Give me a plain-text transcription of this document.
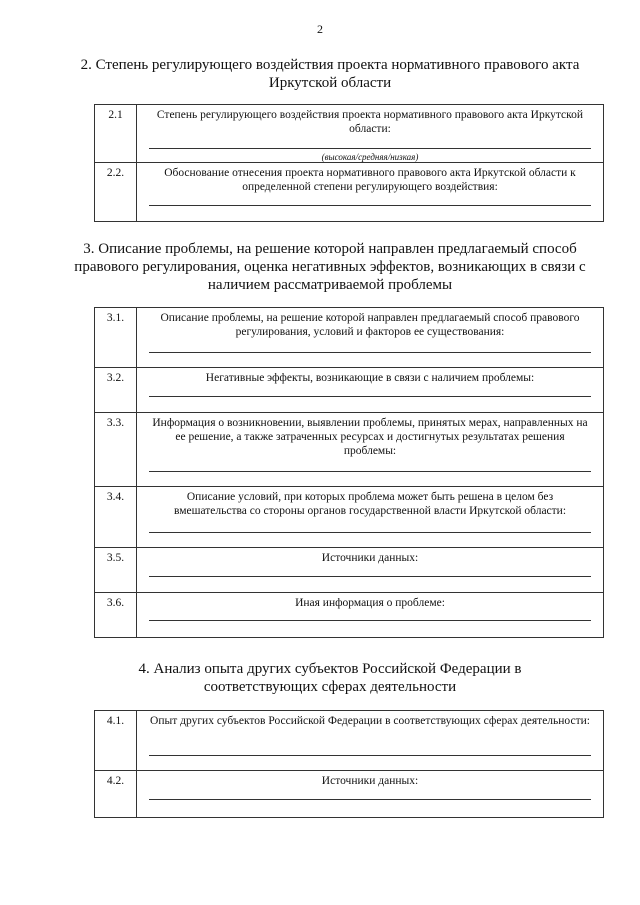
2
2. Степень регулирующего воздействия проекта нормативного правового акта Иркутской области
2.1	Степень регулирующего воздействия проекта нормативного правового акта Иркутской области:
(высокая/средняя/низкая)
2.2.	Обоснование отнесения проекта нормативного правового акта Иркутской области к определенной степени регулирующего воздействия:
3. Описание проблемы, на решение которой направлен предлагаемый способ правового регулирования, оценка негативных эффектов, возникающих в связи с наличием рассматриваемой проблемы
3.1.	Описание проблемы, на решение которой направлен предлагаемый способ правового регулирования, условий и факторов ее существования:
3.2.	Негативные эффекты, возникающие в связи с наличием проблемы:
3.3.	Информация о возникновении, выявлении проблемы, принятых мерах, направленных на ее решение, а также затраченных ресурсах и достигнутых результатах решения проблемы:
3.4.	Описание условий, при которых проблема может быть решена в целом без вмешательства со стороны органов государственной власти Иркутской области:
3.5.	Источники данных:
3.6.	Иная информация о проблеме:
4. Анализ опыта других субъектов Российской Федерации в соответствующих сферах деятельности
4.1.	Опыт других субъектов Российской Федерации в соответствующих сферах деятельности:
4.2.	Источники данных:
